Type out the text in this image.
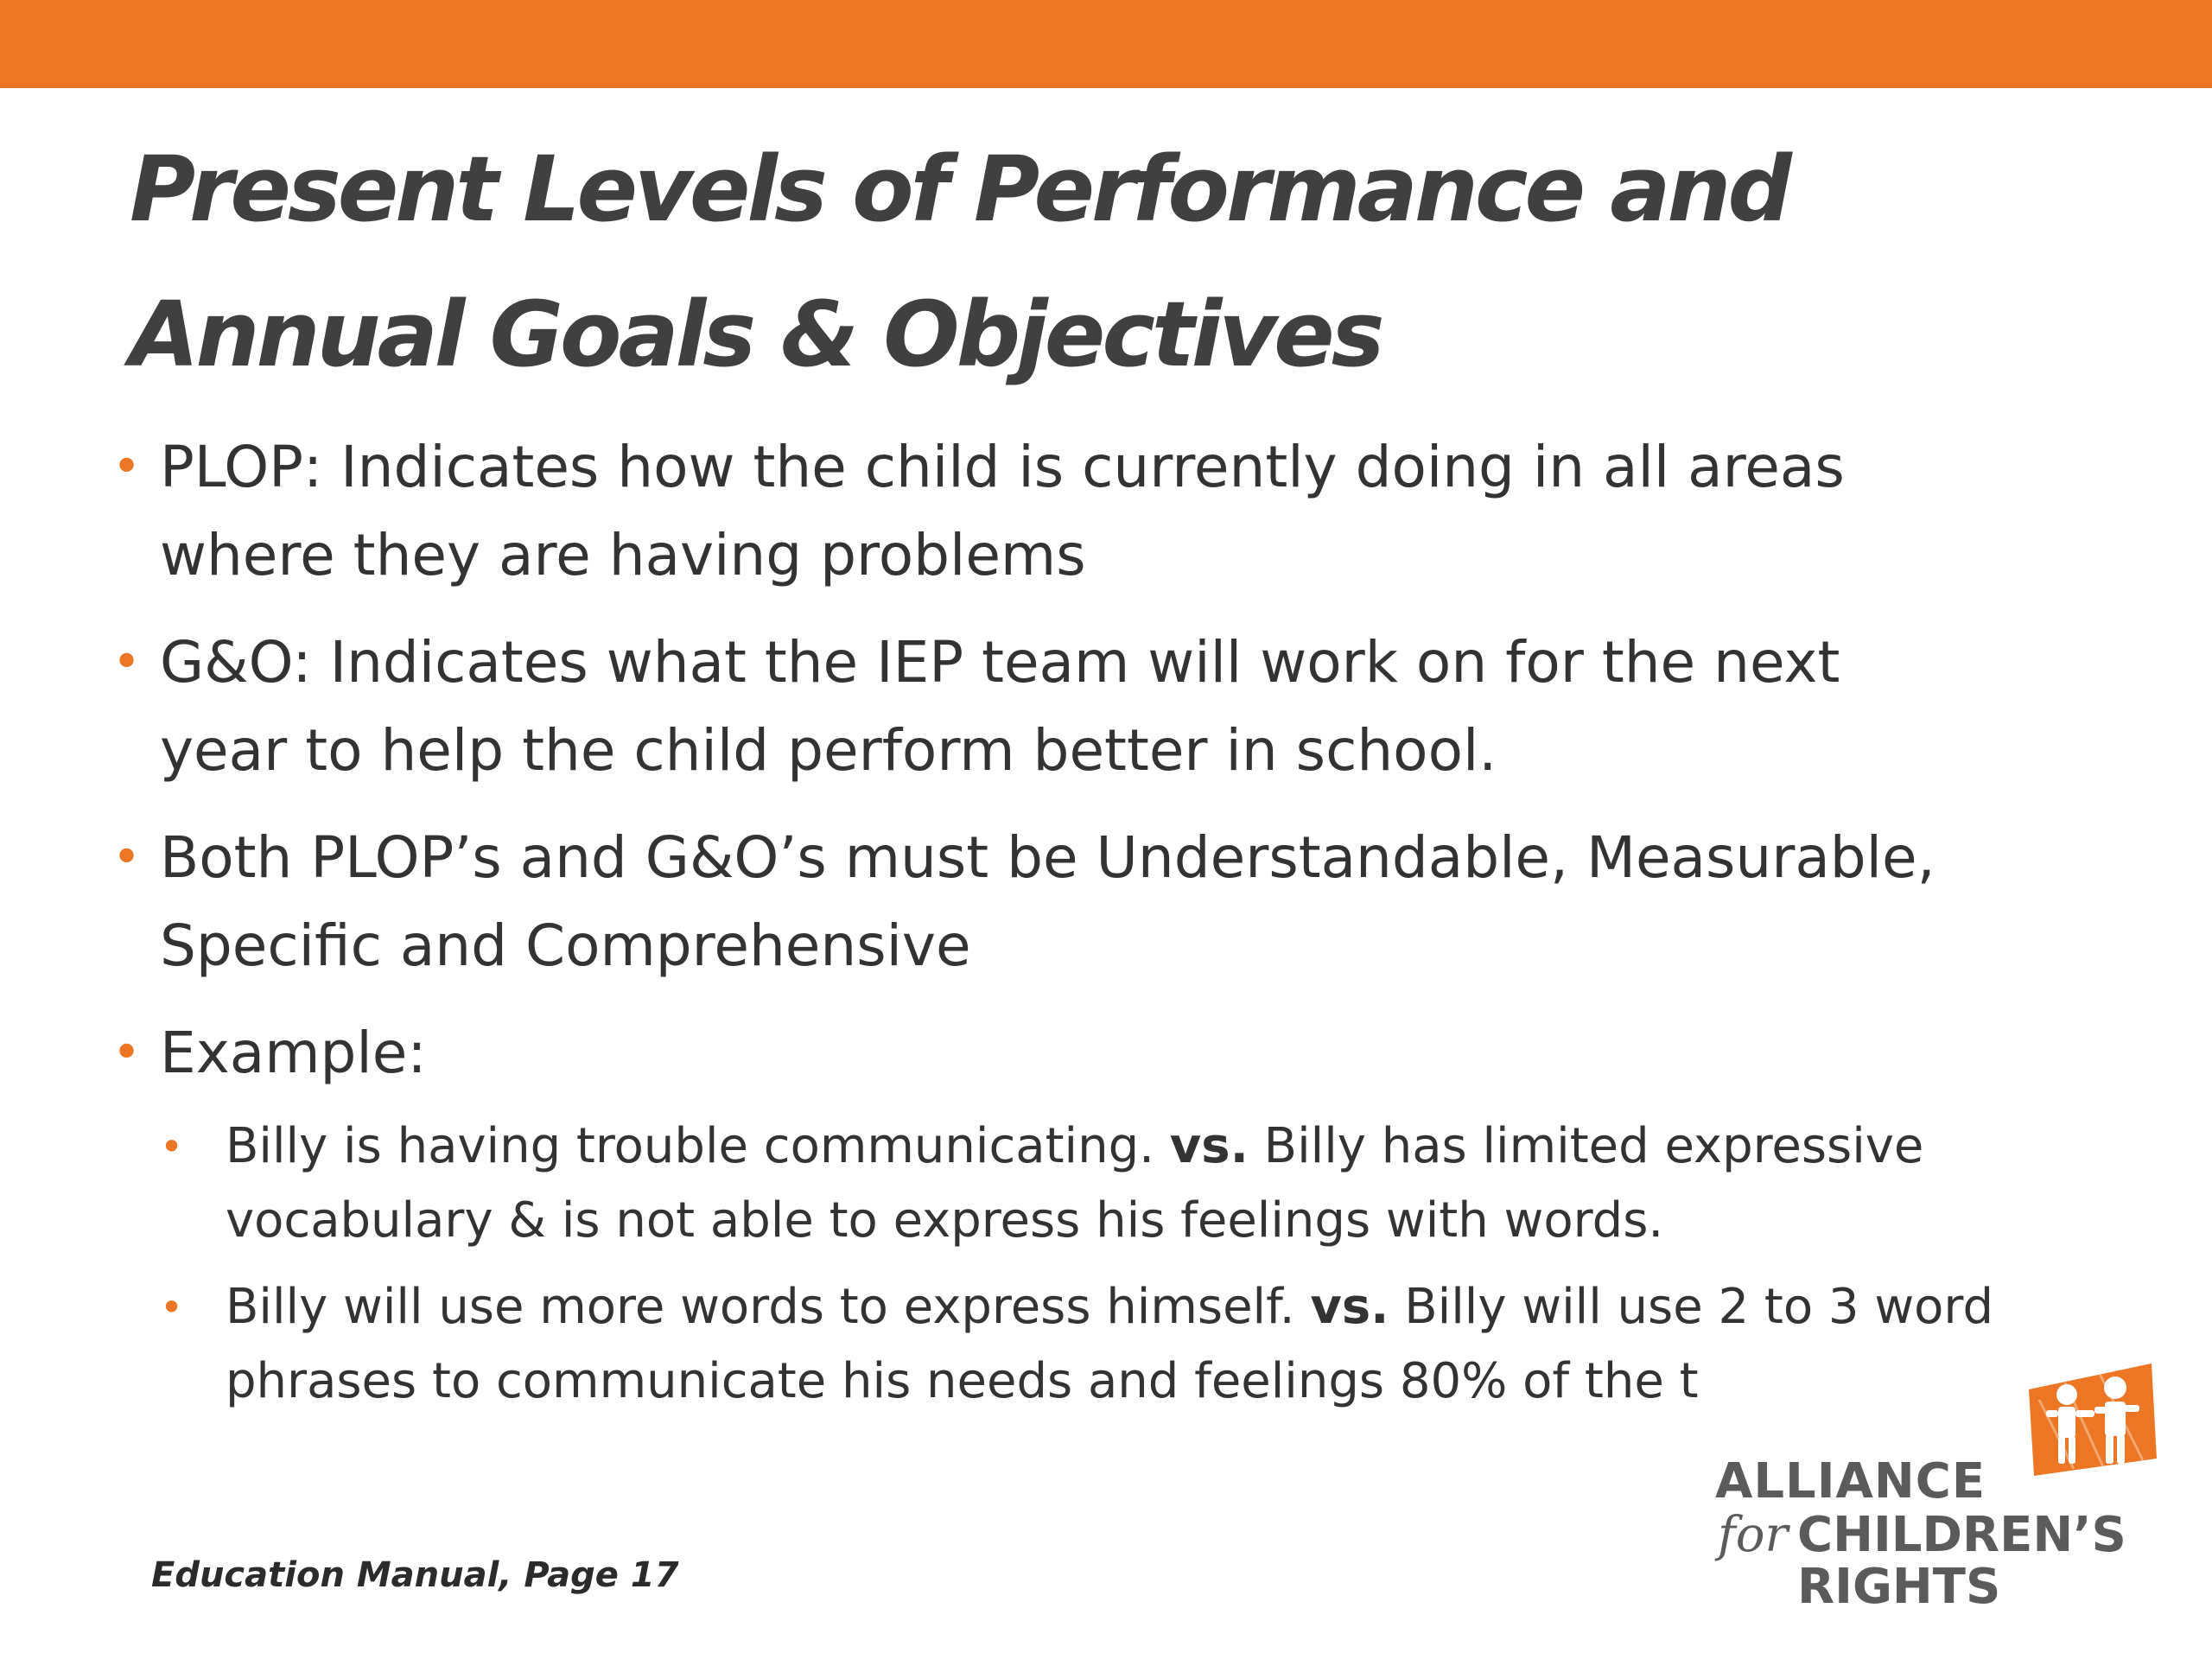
Present Levels of Performance and
Annual Goals & Objectives
• PLOP: Indicates how the child is currently doing in all areas
where they are having problems
• G&O: Indicates what the IEP team will work on for the next
year to help the child perform better in school.
• Both PLOP’s and G&O’s must be Understandable, Measurable,
Specific and Comprehensive
• Example:
• Billy is having trouble communicating. vs. Billy has limited expressive
vocabulary & is not able to express his feelings with words.
• Billy will use more words to express himself. vs. Billy will use 2 to 3 word
phrases to communicate his needs and feelings 80% of the t
Education Manual, Page 17
ALLIANCE
for CHILDREN’S
RIGHTS
